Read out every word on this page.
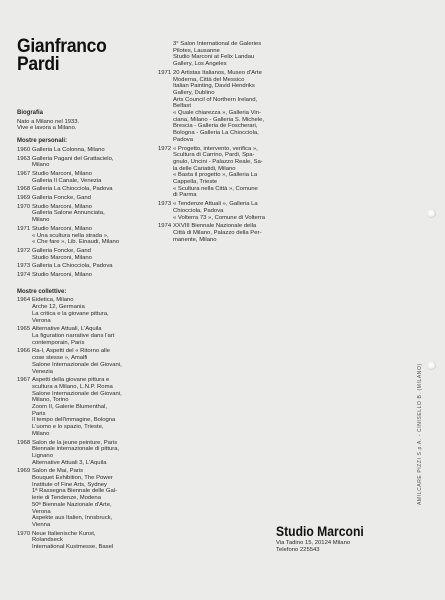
Gianfranco
Pardi
Biografia
Nato a Milano nel 1933.
Vive e lavora a Milano.
Mostre personali:
1960 Galleria La Colonna, Milano
1963 Galleria Pagani del Grattacielo,
Milano
1967 Studio Marconi, Milano
Galleria Il Canale, Venezia
1968 Galleria La Chiocciola, Padova
1969 Galleria Foncke, Gand
1970 Studio Marconi, Milano
Galleria Salone Annunciata,
Milano
1971 Studio Marconi, Milano
« Una scultura nella strada »,
« Che fare », Lib. Einaudi, Milano
1972 Galleria Foncke, Gand
Studio Marconi, Milano
1973 Galleria La Chiocciola, Padova
1974 Studio Marconi, Milano
Mostre collettive:
1964 Eidetica, Milano
Arche 12, Germania
La critica e la giovane pittura,
Verona
1965 Alternative Attuali, L'Aquila
La figuration narrative dans l'art
contemporain, Paris
1966 Ra-I, Aspetti del « Ritorno alle
cose stesse », Amalfi
Salone Internazionale dei Giovani,
Venezia
1967 Aspetti della giovane pittura e
scultura a Milano, L.N.P. Roma
Salone Internazionale dei Giovani,
Milano, Torino
Zoom II, Galerie Blumenthal,
Paris
Il tempo dell'immagine, Bologna
L'uomo e lo spazio, Trieste,
Milano
1968 Salon de la jeune peinture, Paris
Biennale internazionale di pittura,
Lignano
Alternative Attuali 3, L'Aquila
1969 Salon de Mai, Paris
Bouquet Exhibition, The Power
Institute of Fine Arts, Sydney
1ª Rassegna Biennale delle Gal-
lerie di Tendenze, Modena
50ª Biennale Nazionale d'Arte,
Verona
Aspekte aus Italien, Innsbruck,
Vienna
1970 Neue Italienische Kunst,
Rolandseck
International Kustmesse, Basel
3° Salon International de Galeries
Pilotes, Lausanne
Studio Marconi at Felix Landau
Gallery, Los Angeles
1971 20 Artistas Italianos, Museo d'Arte
Moderna, Città del Messico
Italian Painting, David Hendriks
Gallery, Dublino
Arts Council of Northern Ireland,
Belfast
« Quale chiarezza », Galleria Vin-
ciana, Milano - Galleria S. Michele,
Brescia - Galleria de Foscherari,
Bologna - Galleria La Chiocciola,
Padova
1972 « Progetto, intervento, verifica »,
Scultura di Carrino, Pardi, Spa-
gnulo, Uncini - Palazzo Reale, Sa-
la delle Cariatidi, Milano
« Basta il progetto », Galleria La
Cappella, Trieste
« Scultura nella Città », Comune
di Parma
1973 « Tendenze Attuali », Galleria La
Chiocciola, Padova
« Volterra 73 », Comune di Volterra
1974 XXVIII Biennale Nazionale della
Città di Milano, Palazzo della Per-
manente, Milano
Studio Marconi
Via Tadino 15, 20124 Milano
Telefono 225543
AMILCARE PIZZI S.p.A. - CINISELLO B. (MILANO)
